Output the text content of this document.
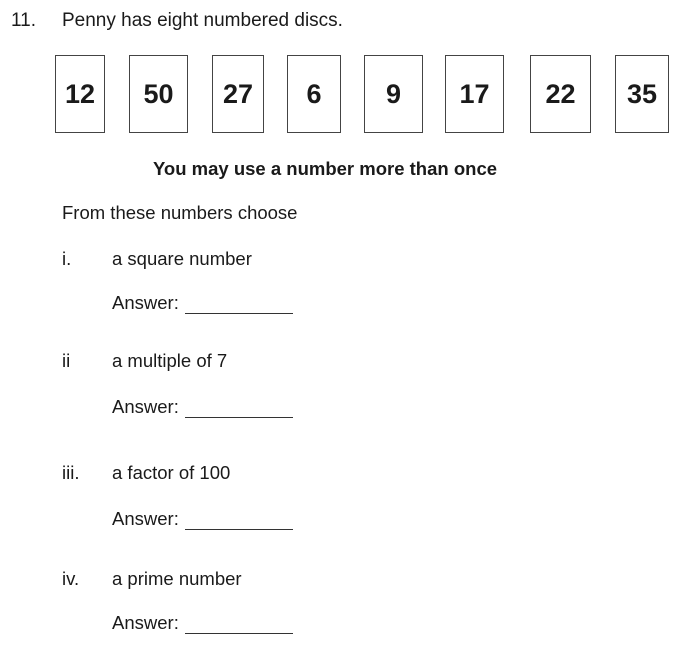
11. Penny has eight numbered discs.
12	50	27	6	9	17	22	35
You may use a number more than once
From these numbers choose
i. a square number
Answer:
ii a multiple of 7
Answer:
iii. a factor of 100
Answer:
iv. a prime number
Answer:
